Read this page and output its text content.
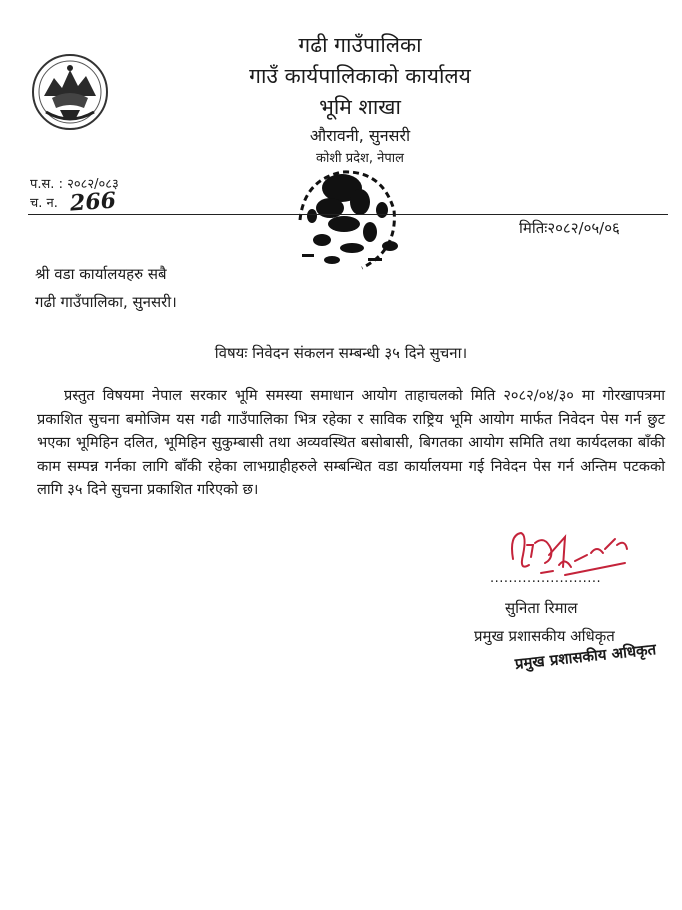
गढी गाउँपालिका
गाउँ कार्यपालिकाको कार्यालय
भूमि शाखा
औरावनी, सुनसरी
कोशी प्रदेश, नेपाल
प.स. : २०८२/०८३
च. न. 266
मितिः२०८२/०५/०६
श्री वडा कार्यालयहरु सबै
गढी गाउँपालिका, सुनसरी।
विषयः निवेदन संकलन सम्बन्धी ३५ दिने सुचना।
प्रस्तुत विषयमा नेपाल सरकार भूमि समस्या समाधान आयोग ताहाचलको मिति २०८२/०४/३० मा गोरखापत्रमा प्रकाशित सुचना बमोजिम यस गढी गाउँपालिका भित्र रहेका र साविक राष्ट्रिय भूमि आयोग मार्फत निवेदन पेस गर्न छुट भएका भूमिहिन दलित, भूमिहिन सुकुम्बासी तथा अव्यवस्थित बसोबासी, बिगतका आयोग समिति तथा कार्यदलका बाँकी काम सम्पन्न गर्नका लागि बाँकी रहेका लाभग्राहीहरुले सम्बन्धित वडा कार्यालयमा गई निवेदन पेस गर्न अन्तिम पटकको लागि ३५ दिने सुचना प्रकाशित गरिएको छ।
........................
सुनिता रिमाल
प्रमुख प्रशासकीय अधिकृत
प्रमुख प्रशासकीय अधिकृत
